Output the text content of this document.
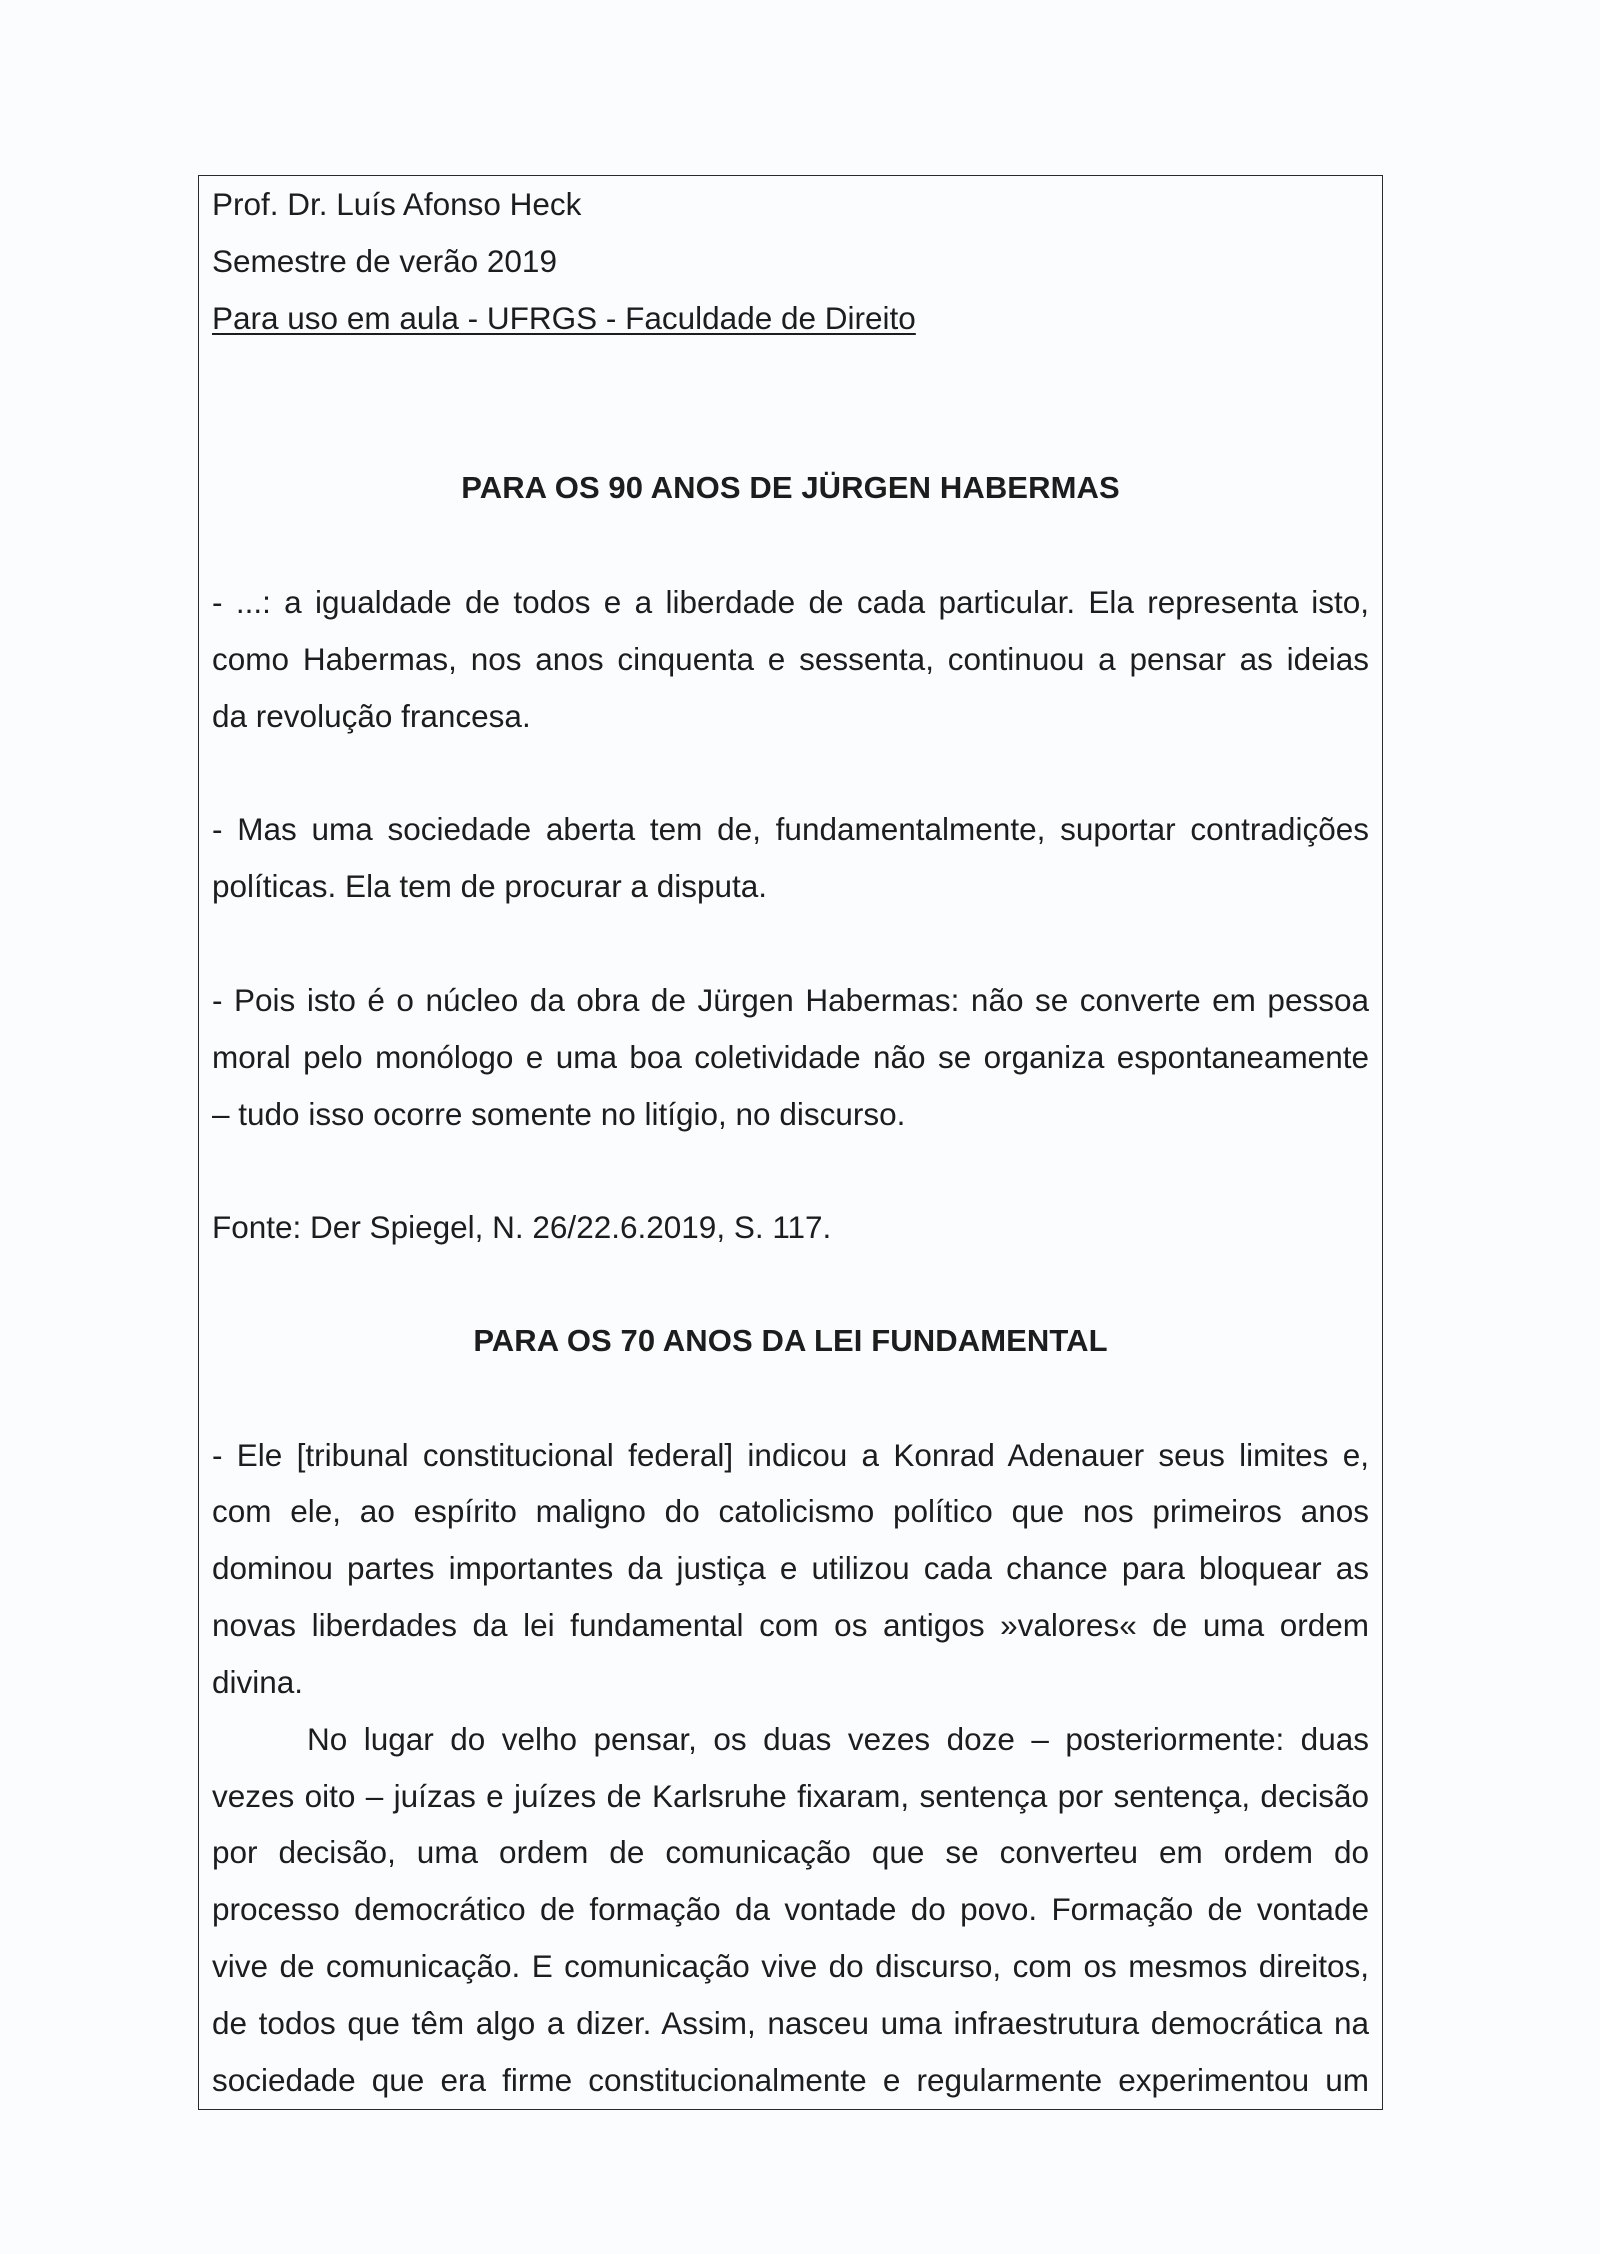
Prof. Dr. Luís Afonso Heck
Semestre de verão 2019
Para uso em aula - UFRGS - Faculdade de Direito
PARA OS 90 ANOS DE JÜRGEN HABERMAS
- ...: a igualdade de todos e a liberdade de cada particular. Ela representa isto,
como Habermas, nos anos cinquenta e sessenta, continuou a pensar as ideias
da revolução francesa.
- Mas uma sociedade aberta tem de, fundamentalmente, suportar contradições
políticas. Ela tem de procurar a disputa.
- Pois isto é o núcleo da obra de Jürgen Habermas: não se converte em pessoa
moral pelo monólogo e uma boa coletividade não se organiza espontaneamente
– tudo isso ocorre somente no litígio, no discurso.
Fonte: Der Spiegel, N. 26/22.6.2019, S. 117.
PARA OS 70 ANOS DA LEI FUNDAMENTAL
- Ele [tribunal constitucional federal] indicou a Konrad Adenauer seus limites e,
com ele, ao espírito maligno do catolicismo político que nos primeiros anos
dominou partes importantes da justiça e utilizou cada chance para bloquear as
novas liberdades da lei fundamental com os antigos »valores« de uma ordem
divina.
No lugar do velho pensar, os duas vezes doze – posteriormente: duas
vezes oito – juízas e juízes de Karlsruhe fixaram, sentença por sentença, decisão
por decisão, uma ordem de comunicação que se converteu em ordem do
processo democrático de formação da vontade do povo. Formação de vontade
vive de comunicação. E comunicação vive do discurso, com os mesmos direitos,
de todos que têm algo a dizer. Assim, nasceu uma infraestrutura democrática na
sociedade que era firme constitucionalmente e regularmente experimentou um
